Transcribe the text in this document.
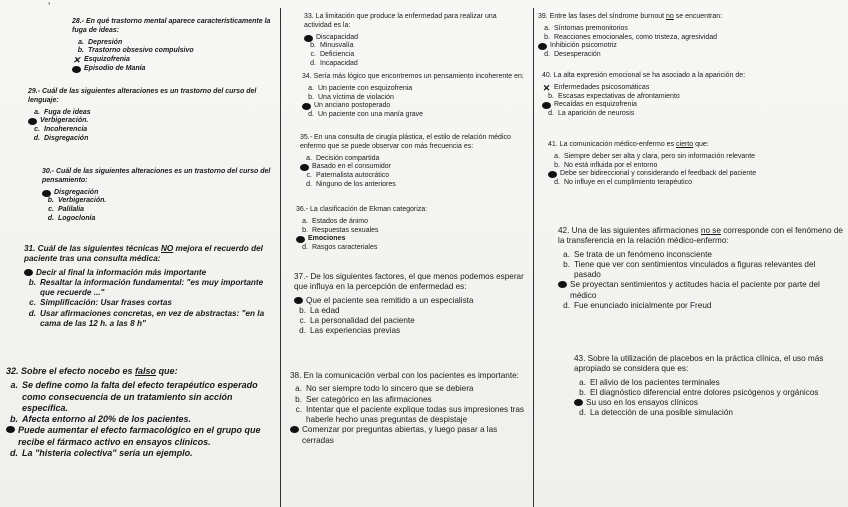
ʼ
28.- En qué trastorno mental aparece característicamente la fuga de ideas:
a. Depresión
b. Trastorno obsesivo compulsivo
✕ Esquizofrenia
Episodio de Manía
29.- Cuál de las siguientes alteraciones es un trastorno del curso del lenguaje:
a. Fuga de ideas
Verbigeración.
c. Incoherencia
d. Disgregación
30.- Cuál de las siguientes alteraciones es un trastorno del curso del pensamiento:
Disgregación
b. Verbigeración.
c. Palilalia
d. Logoclonía
31. Cuál de las siguientes técnicas NO mejora el recuerdo del paciente tras una consulta médica:
Decir al final la información más importante
b. Resaltar la información fundamental: "es muy importante que recuerde ..."
c. Simplificación: Usar frases cortas
d. Usar afirmaciones concretas, en vez de abstractas: "en la cama de las 12 h. a las 8 h"
32. Sobre el efecto nocebo es falso que:
a. Se define como la falta del efecto terapéutico esperado como consecuencia de un tratamiento sin acción específica.
b. Afecta entorno al 20% de los pacientes.
Puede aumentar el efecto farmacológico en el grupo que recibe el fármaco activo en ensayos clínicos.
d. La "histeria colectiva" sería un ejemplo.
33. La limitación que produce la enfermedad para realizar una actividad es la:
Discapacidad
b. Minusvalía
c. Deficiencia
d. Incapacidad
34. Sería más lógico que encontremos un pensamiento incoherente en:
a. Un paciente con esquizofrenia
b. Una víctima de violación
Un anciano postoperado
d. Un paciente con una manía grave
35.- En una consulta de cirugía plástica, el estilo de relación médico enfermo que se puede observar con más frecuencia es:
a. Decisión compartida
Basado en el consumidor
c. Paternalista autocrático
d. Ninguno de los anteriores
36.- La clasificación de Ekman categoriza:
a. Estados de ánimo
b. Respuestas sexuales
Emociones
d. Rasgos caracteriales
37.- De los siguientes factores, el que menos podemos esperar que influya en la percepción de enfermedad es:
Que el paciente sea remitido a un especialista
b. La edad
c. La personalidad del paciente
d. Las experiencias previas
38. En la comunicación verbal con los pacientes es importante:
a. No ser siempre todo lo sincero que se debiera
b. Ser categórico en las afirmaciones
c. Intentar que el paciente explique todas sus impresiones tras haberle hecho unas preguntas de despistaje
Comenzar por preguntas abiertas, y luego pasar a las cerradas
39. Entre las fases del síndrome burnout no se encuentran:
a. Síntomas premonitorios
b. Reacciones emocionales, como tristeza, agresividad
Inhibición psicomotriz
d. Desesperación
40. La alta expresión emocional se ha asociado a la aparición de:
✕ Enfermedades psicosomáticas
b. Escasas expectativas de afrontamiento
Recaídas en esquizofrenia
d. La aparición de neurosis
41. La comunicación médico-enfermo es cierto que:
a. Siempre deber ser alta y clara, pero sin información relevante
b. No está influida por el entorno
Debe ser bidireccional y considerando el feedback del paciente
d. No influye en el cumplimiento terapéutico
42. Una de las siguientes afirmaciones no se corresponde con el fenómeno de la transferencia en la relación médico-enfermo:
a. Se trata de un fenómeno inconsciente
b. Tiene que ver con sentimientos vinculados a figuras relevantes del pasado
Se proyectan sentimientos y actitudes hacia el paciente por parte del médico
d. Fue enunciado inicialmente por Freud
43. Sobre la utilización de placebos en la práctica clínica, el uso más apropiado se considera que es:
a. El alivio de los pacientes terminales
b. El diagnóstico diferencial entre dolores psicógenos y orgánicos
Su uso en los ensayos clínicos
d. La detección de una posible simulación
